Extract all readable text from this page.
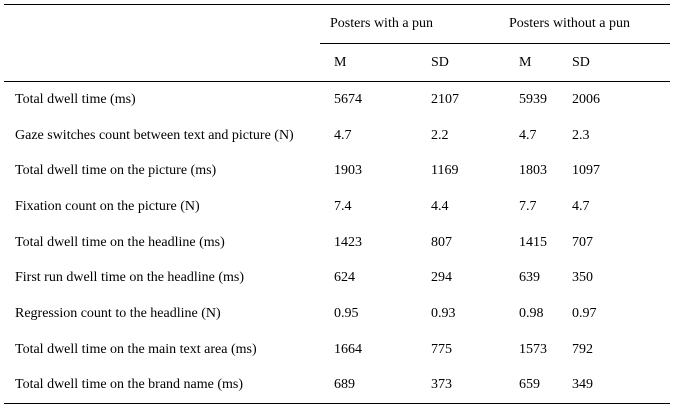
	Posters with a pun		Posters without a pun	
	M	SD	M	SD
Total dwell time (ms)	5674	2107	5939	2006
Gaze switches count between text and picture (N)	4.7	2.2	4.7	2.3
Total dwell time on the picture (ms)	1903	1169	1803	1097
Fixation count on the picture (N)	7.4	4.4	7.7	4.7
Total dwell time on the headline (ms)	1423	807	1415	707
First run dwell time on the headline (ms)	624	294	639	350
Regression count to the headline (N)	0.95	0.93	0.98	0.97
Total dwell time on the main text area (ms)	1664	775	1573	792
Total dwell time on the brand name (ms)	689	373	659	349
